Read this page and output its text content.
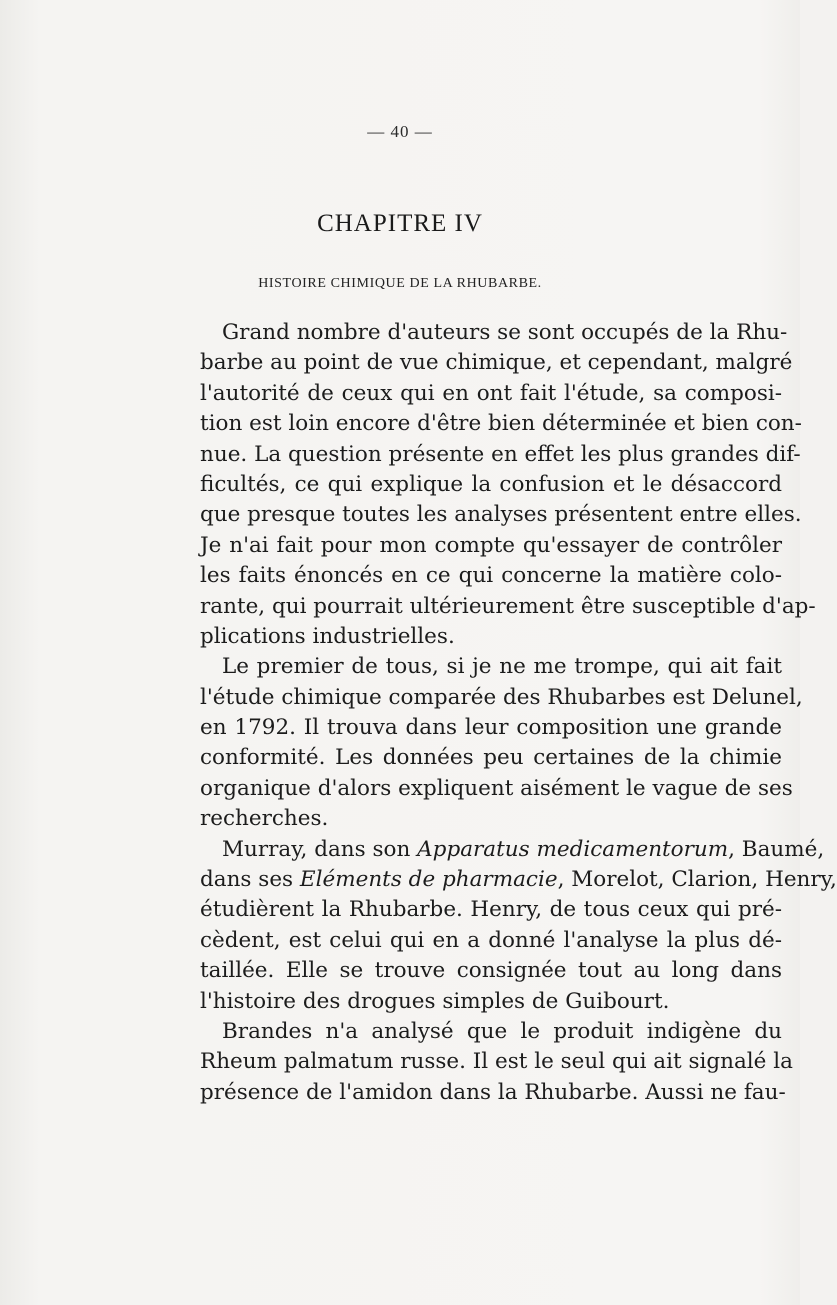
— 40 —
CHAPITRE IV
HISTOIRE CHIMIQUE DE LA RHUBARBE.
Grand nombre d'auteurs se sont occupés de la Rhu-
barbe au point de vue chimique, et cependant, malgré
l'autorité de ceux qui en ont fait l'étude, sa composi-
tion est loin encore d'être bien déterminée et bien con-
nue. La question présente en effet les plus grandes dif-
ficultés, ce qui explique la confusion et le désaccord
que presque toutes les analyses présentent entre elles.
Je n'ai fait pour mon compte qu'essayer de contrôler
les faits énoncés en ce qui concerne la matière colo-
rante, qui pourrait ultérieurement être susceptible d'ap-
plications industrielles.
Le premier de tous, si je ne me trompe, qui ait fait
l'étude chimique comparée des Rhubarbes est Delunel,
en 1792. Il trouva dans leur composition une grande
conformité. Les données peu certaines de la chimie
organique d'alors expliquent aisément le vague de ses
recherches.
Murray, dans son Apparatus medicamentorum, Baumé,
dans ses Eléments de pharmacie, Morelot, Clarion, Henry,
étudièrent la Rhubarbe. Henry, de tous ceux qui pré-
cèdent, est celui qui en a donné l'analyse la plus dé-
taillée. Elle se trouve consignée tout au long dans
l'histoire des drogues simples de Guibourt.
Brandes n'a analysé que le produit indigène du
Rheum palmatum russe. Il est le seul qui ait signalé la
présence de l'amidon dans la Rhubarbe. Aussi ne fau-
